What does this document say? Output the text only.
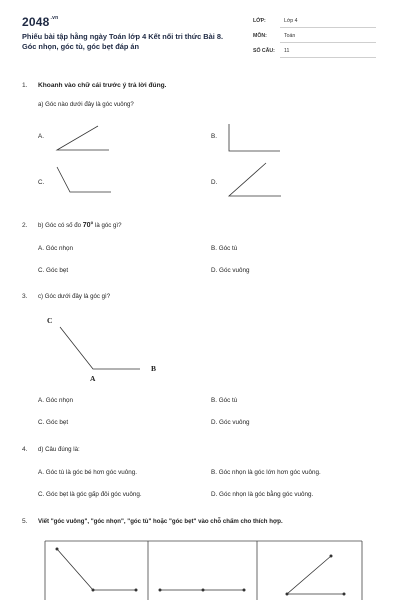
$2048^{.vn}$
Phiếu bài tập hằng ngày Toán lớp 4 Kết nối tri thức Bài 8.
Góc nhọn, góc tù, góc bẹt đáp án
LỚP:	Lớp 4
MÔN:	Toán
SỐ CÂU: 11
1. Khoanh vào chữ cái trước ý trả lời đúng.
a) Góc nào dưới đây là góc vuông?
A.	B.
C.	D.
2. b) Góc có số đo 70° là góc gì?
A. Góc nhọn	B. Góc tù
C. Góc bẹt	D. Góc vuông
3. c) Góc dưới đây là góc gì?
C
A
B
A. Góc nhọn	B. Góc tù
C. Góc bẹt	D. Góc vuông
4. d) Câu đúng là:
A. Góc tù là góc bé hơn góc vuông.	B. Góc nhọn là góc lớn hơn góc vuông.
C. Góc bẹt là góc gấp đôi góc vuông.	D. Góc nhọn là góc bằng góc vuông.
5. Viết "góc vuông", "góc nhọn", "góc tù" hoặc "góc bẹt" vào chỗ chấm cho thích hợp.
